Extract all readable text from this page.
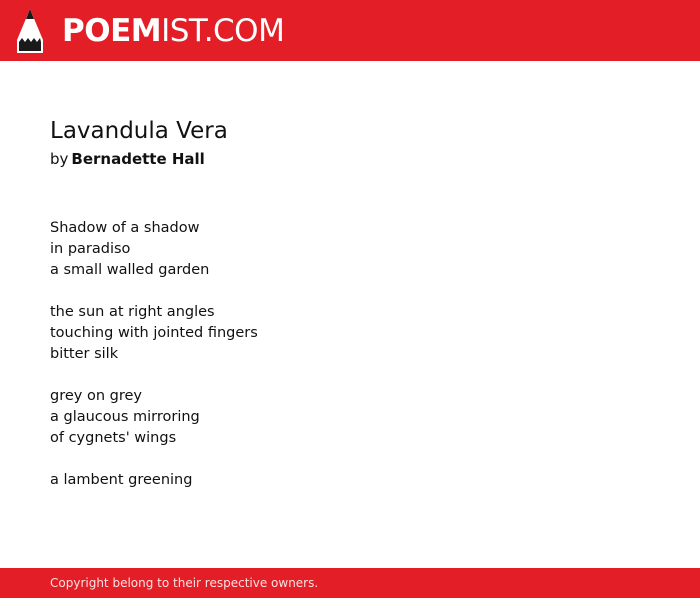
POEMIST.COM
Lavandula Vera
by Bernadette Hall
Shadow of a shadow
in paradiso
a small walled garden
the sun at right angles
touching with jointed fingers
bitter silk
grey on grey
a glaucous mirroring
of cygnets' wings
a lambent greening
Copyright belong to their respective owners.
